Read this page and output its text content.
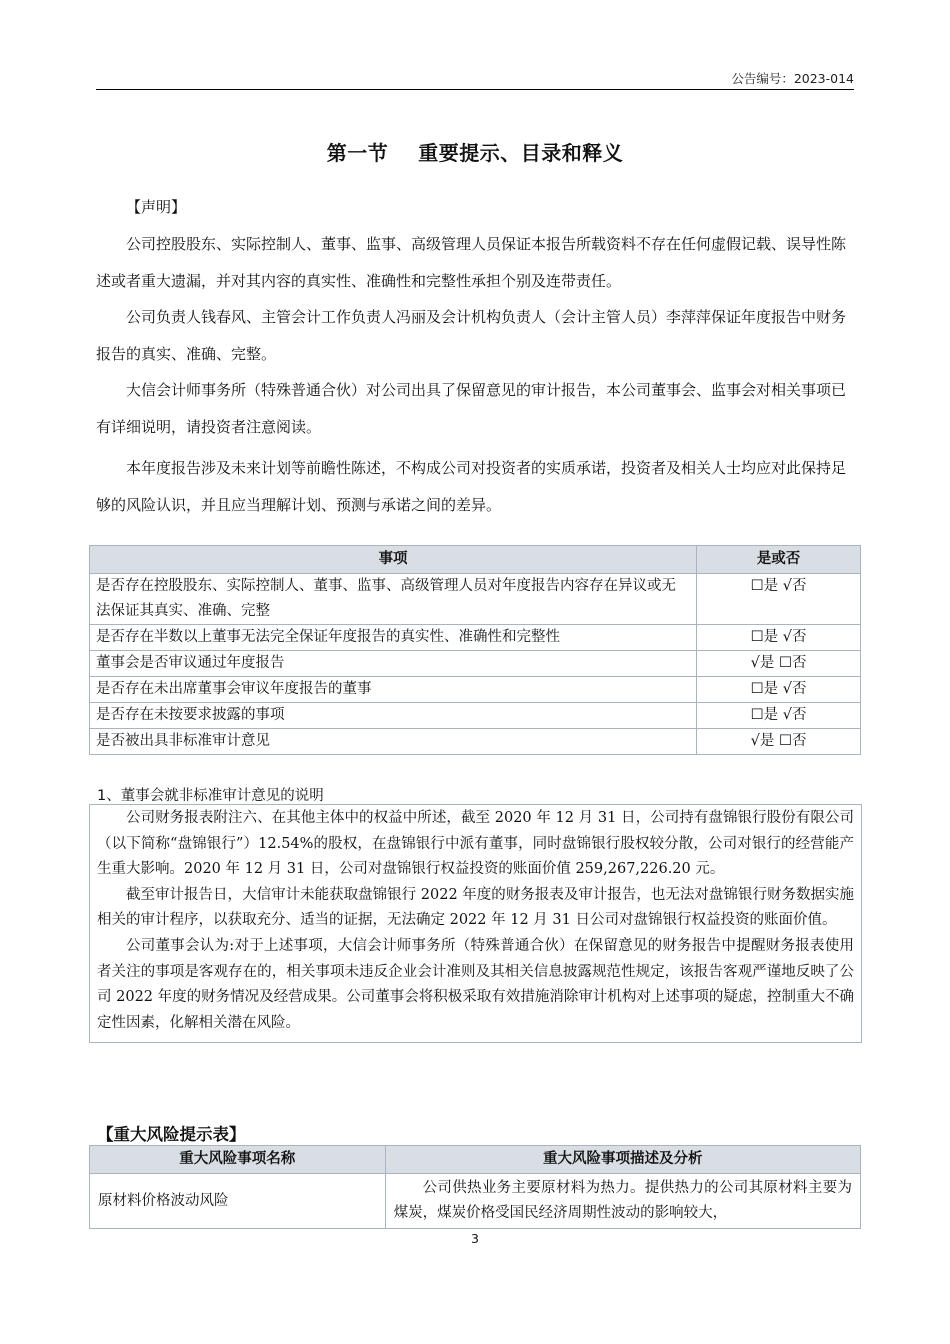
公告编号：2023-014
第一节 重要提示、目录和释义
【声明】
公司控股股东、实际控制人、董事、监事、高级管理人员保证本报告所载资料不存在任何虚假记载、误导性陈述或者重大遗漏，并对其内容的真实性、准确性和完整性承担个别及连带责任。
公司负责人钱春风、主管会计工作负责人冯丽及会计机构负责人（会计主管人员）李萍萍保证年度报告中财务报告的真实、准确、完整。
大信会计师事务所（特殊普通合伙）对公司出具了保留意见的审计报告，本公司董事会、监事会对相关事项已有详细说明，请投资者注意阅读。
本年度报告涉及未来计划等前瞻性陈述，不构成公司对投资者的实质承诺，投资者及相关人士均应对此保持足够的风险认识，并且应当理解计划、预测与承诺之间的差异。
事项	是或否
是否存在控股股东、实际控制人、董事、监事、高级管理人员对年度报告内容存在异议或无法保证其真实、准确、完整	☐是 √否
是否存在半数以上董事无法完全保证年度报告的真实性、准确性和完整性	☐是 √否
董事会是否审议通过年度报告	√是 ☐否
是否存在未出席董事会审议年度报告的董事	☐是 √否
是否存在未按要求披露的事项	☐是 √否
是否被出具非标准审计意见	√是 ☐否
1、董事会就非标准审计意见的说明

公司财务报表附注六、在其他主体中的权益中所述，截至 2020 年 12 月 31 日，公司持有盘锦银行股份有限公司（以下简称“盘锦银行”）12.54%的股权，在盘锦银行中派有董事，同时盘锦银行股权较分散，公司对银行的经营能产生重大影响。2020 年 12 月 31 日，公司对盘锦银行权益投资的账面价值 259,267,226.20 元。

截至审计报告日，大信审计未能获取盘锦银行 2022 年度的财务报表及审计报告，也无法对盘锦银行财务数据实施相关的审计程序，以获取充分、适当的证据，无法确定 2022 年 12 月 31 日公司对盘锦银行权益投资的账面价值。

公司董事会认为:对于上述事项，大信会计师事务所（特殊普通合伙）在保留意见的财务报告中提醒财务报表使用者关注的事项是客观存在的，相关事项未违反企业会计准则及其相关信息披露规范性规定，该报告客观严谨地反映了公司 2022 年度的财务情况及经营成果。公司董事会将积极采取有效措施消除审计机构对上述事项的疑虑，控制重大不确定性因素，化解相关潜在风险。

【重大风险提示表】
重大风险事项名称	重大风险事项描述及分析
原材料价格波动风险	公司供热业务主要原材料为热力。提供热力的公司其原材料主要为煤炭，煤炭价格受国民经济周期性波动的影响较大，
3
